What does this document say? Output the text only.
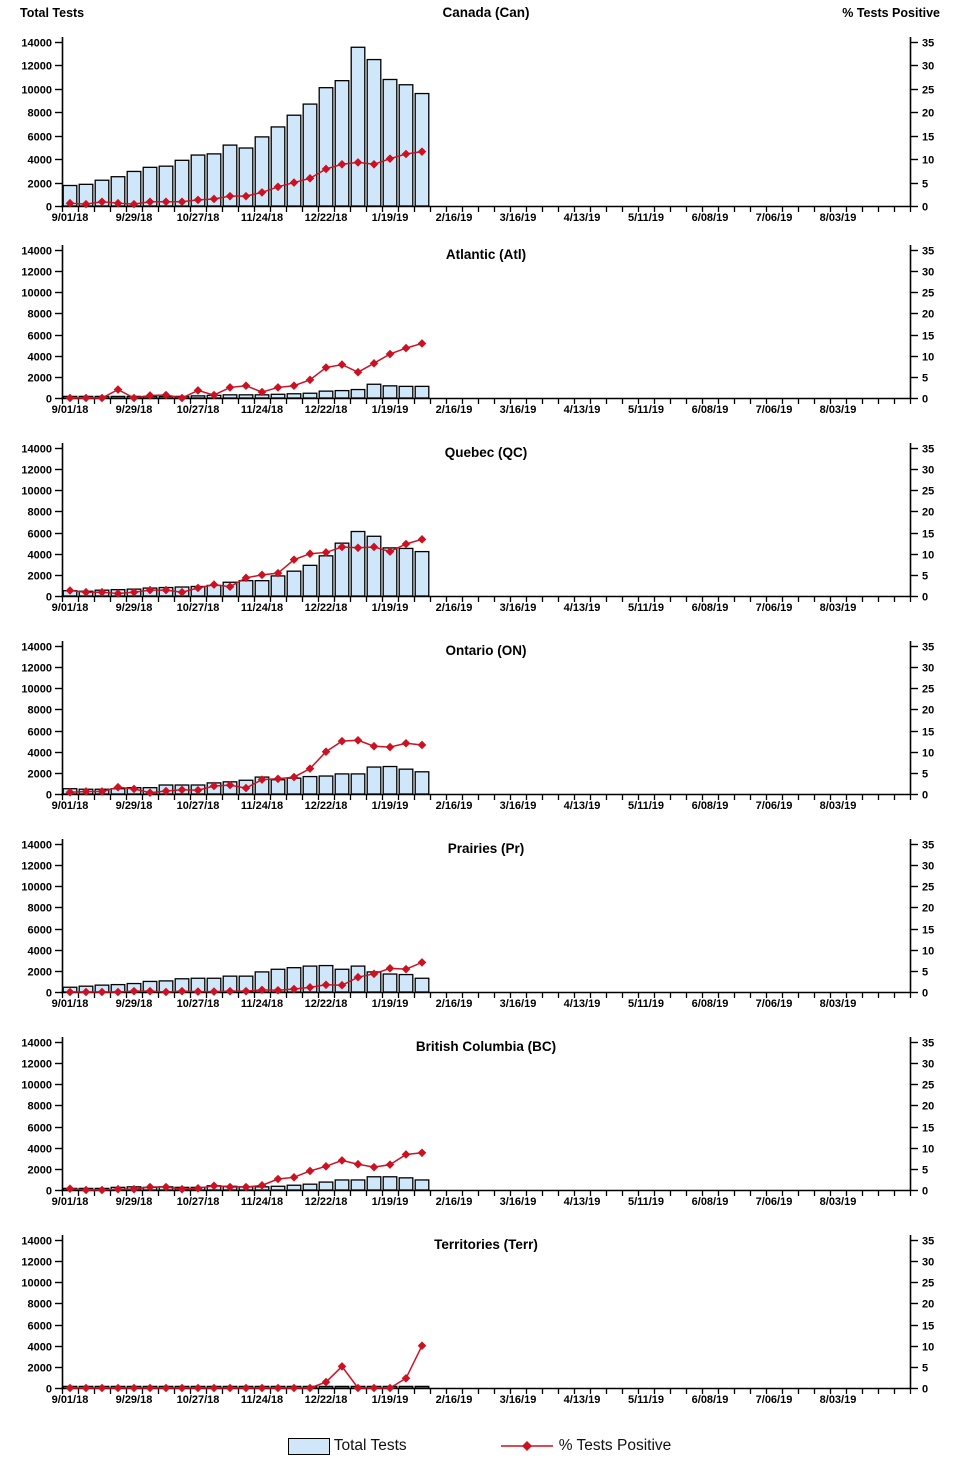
Total Tests	Canada (Can)	% Tests Positive
0
2000
4000
6000
8000
10000
12000
14000
0
5
10
15
20
25
30
35
9/01/18 9/29/18 10/27/18 11/24/18 12/22/18 1/19/19 2/16/19 3/16/19 4/13/19	5/11/19	6/08/19 7/06/19 8/03/19
Atlantic (Atl)
0
2000
4000
6000
8000
10000
12000
14000
0
5
10
15
20
25
30
35
9/01/18 9/29/18 10/27/18 11/24/18 12/22/18 1/19/19 2/16/19 3/16/19 4/13/19	5/11/19	6/08/19 7/06/19 8/03/19
Quebec (QC)
0
2000
4000
6000
8000
10000
12000
14000
0
5
10
15
20
25
30
35
9/01/18 9/29/18 10/27/18 11/24/18 12/22/18 1/19/19 2/16/19 3/16/19 4/13/19	5/11/19	6/08/19 7/06/19 8/03/19
Ontario (ON)
0
2000
4000
6000
8000
10000
12000
14000
0
5
10
15
20
25
30
35
9/01/18 9/29/18 10/27/18 11/24/18 12/22/18 1/19/19 2/16/19 3/16/19 4/13/19	5/11/19	6/08/19 7/06/19 8/03/19
Prairies (Pr)
0
2000
4000
6000
8000
10000
12000
14000
0
5
10
15
20
25
30
35
9/01/18 9/29/18 10/27/18 11/24/18 12/22/18 1/19/19 2/16/19 3/16/19 4/13/19	5/11/19	6/08/19 7/06/19 8/03/19
British Columbia (BC)
0
2000
4000
6000
8000
10000
12000
14000
0
5
10
15
20
25
30
35
9/01/18 9/29/18 10/27/18 11/24/18 12/22/18 1/19/19 2/16/19 3/16/19 4/13/19	5/11/19	6/08/19 7/06/19 8/03/19
Territories (Terr)
0
2000
4000
6000
8000
10000
12000
14000
0
5
10
15
20
25
30
35
9/01/18 9/29/18 10/27/18 11/24/18 12/22/18 1/19/19 2/16/19 3/16/19 4/13/19	5/11/19	6/08/19 7/06/19 8/03/19
Total Tests	% Tests Positive
